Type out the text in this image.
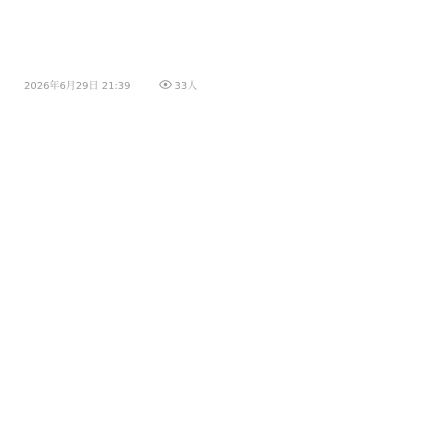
2026年6月29日 21:39	33人
